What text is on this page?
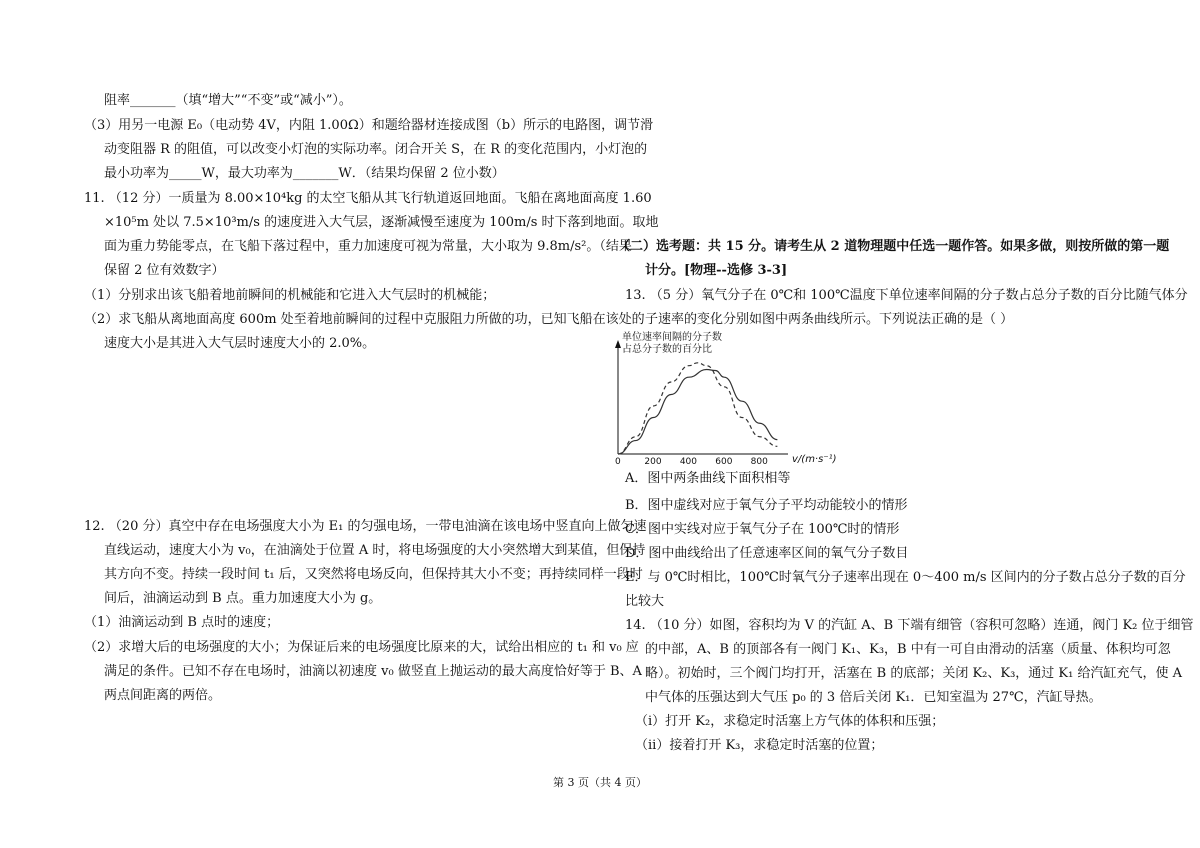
阻率_______（填“增大”“不变”或“减小”）。
（3）用另一电源 E₀（电动势 4V，内阻 1.00Ω）和题给器材连接成图（b）所示的电路图，调节滑
动变阻器 R 的阻值，可以改变小灯泡的实际功率。闭合开关 S，在 R 的变化范围内，小灯泡的
最小功率为_____W，最大功率为_______W．（结果均保留 2 位小数）
11. （12 分）一质量为 8.00×10⁴kg 的太空飞船从其飞行轨道返回地面。飞船在离地面高度 1.60
×10⁵m 处以 7.5×10³m/s 的速度进入大气层，逐渐减慢至速度为 100m/s 时下落到地面。取地
面为重力势能零点，在飞船下落过程中，重力加速度可视为常量，大小取为 9.8m/s²。（结果
保留 2 位有效数字）
（1）分别求出该飞船着地前瞬间的机械能和它进入大气层时的机械能；
（2）求飞船从离地面高度 600m 处至着地前瞬间的过程中克服阻力所做的功，已知飞船在该处的
速度大小是其进入大气层时速度大小的 2.0%。
12. （20 分）真空中存在电场强度大小为 E₁ 的匀强电场，一带电油滴在该电场中竖直向上做匀速
直线运动，速度大小为 v₀，在油滴处于位置 A 时，将电场强度的大小突然增大到某值，但保持
其方向不变。持续一段时间 t₁ 后，又突然将电场反向，但保持其大小不变；再持续同样一段时
间后，油滴运动到 B 点。重力加速度大小为 g。
（1）油滴运动到 B 点时的速度；
（2）求增大后的电场强度的大小；为保证后来的电场强度比原来的大，试给出相应的 t₁ 和 v₀ 应
满足的条件。已知不存在电场时，油滴以初速度 v₀ 做竖直上抛运动的最大高度恰好等于 B、A
两点间距离的两倍。
（二）选考题：共 15 分。请考生从 2 道物理题中任选一题作答。如果多做，则按所做的第一题
计分。[物理--选修 3-3]
13. （5 分）氧气分子在 0℃和 100℃温度下单位速率间隔的分子数占总分子数的百分比随气体分
子速率的变化分别如图中两条曲线所示。下列说法正确的是（ ）
单位速率间隔的分子数
占总分子数的百分比
0	200 400 600 800 v/(m·s⁻¹)
A．图中两条曲线下面积相等
B．图中虚线对应于氧气分子平均动能较小的情形
C．图中实线对应于氧气分子在 100℃时的情形
D．图中曲线给出了任意速率区间的氧气分子数目
E．与 0℃时相比，100℃时氧气分子速率出现在 0～400 m/s 区间内的分子数占总分子数的百分
比较大
14. （10 分）如图，容积均为 V 的汽缸 A、B 下端有细管（容积可忽略）连通，阀门 K₂ 位于细管
的中部，A、B 的顶部各有一阀门 K₁、K₃，B 中有一可自由滑动的活塞（质量、体积均可忽
略）。初始时，三个阀门均打开，活塞在 B 的底部；关闭 K₂、K₃，通过 K₁ 给汽缸充气，使 A
中气体的压强达到大气压 p₀ 的 3 倍后关闭 K₁．已知室温为 27℃，汽缸导热。
（i）打开 K₂，求稳定时活塞上方气体的体积和压强；
（ii）接着打开 K₃，求稳定时活塞的位置；
第 3 页（共 4 页）
